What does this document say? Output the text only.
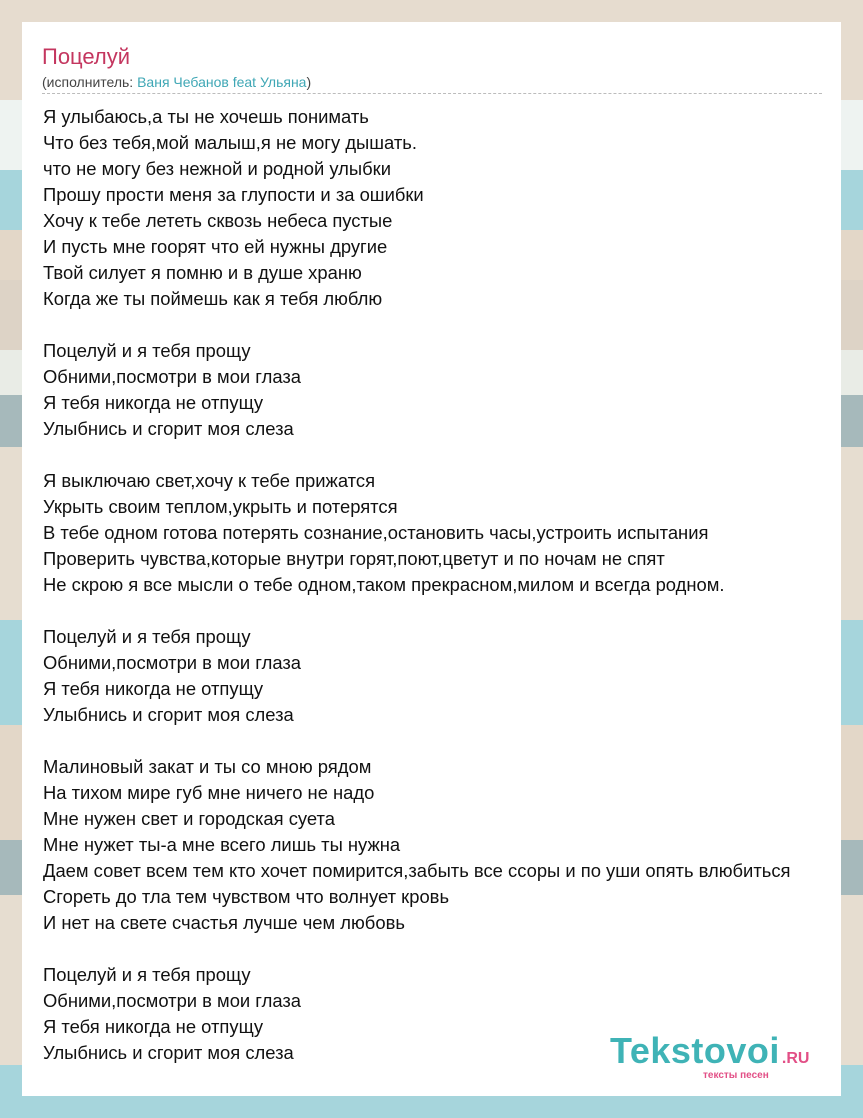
Поцелуй
(исполнитель: Ваня Чебанов feat Ульяна)
Я улыбаюсь,а ты не хочешь понимать
Что без тебя,мой малыш,я не могу дышать.
что не могу без нежной и родной улыбки
Прошу прости меня за глупости и за ошибки
Хочу к тебе лететь сквозь небеса пустые
И пусть мне гоорят что ей нужны другие
Твой силует я помню и в душе храню
Когда же ты поймешь как я тебя люблю
Поцелуй и я тебя прощу
Обними,посмотри в мои глаза
Я тебя никогда не отпущу
Улыбнись и сгорит моя слеза
Я выключаю свет,хочу к тебе прижатся
Укрыть своим теплом,укрыть и потерятся
В тебе одном готова потерять сознание,остановить часы,устроить испытания
Проверить чувства,которые внутри горят,поют,цветут и по ночам не спят
Не скрою я все мысли о тебе одном,таком прекрасном,милом и всегда родном.
Поцелуй и я тебя прощу
Обними,посмотри в мои глаза
Я тебя никогда не отпущу
Улыбнись и сгорит моя слеза
Малиновый закат и ты со мною рядом
На тихом мире губ мне ничего не надо
Мне нужен свет и городская суета
Мне нужет ты-а мне всего лишь ты нужна
Даем совет всем тем кто хочет помирится,забыть все ссоры и по уши опять влюбиться
Сгореть до тла тем чувством что волнует кровь
И нет на свете счастья лучше чем любовь
Поцелуй и я тебя прощу
Обними,посмотри в мои глаза
Я тебя никогда не отпущу
Улыбнись и сгорит моя слеза	Tekstovoi .RU
тексты песен
